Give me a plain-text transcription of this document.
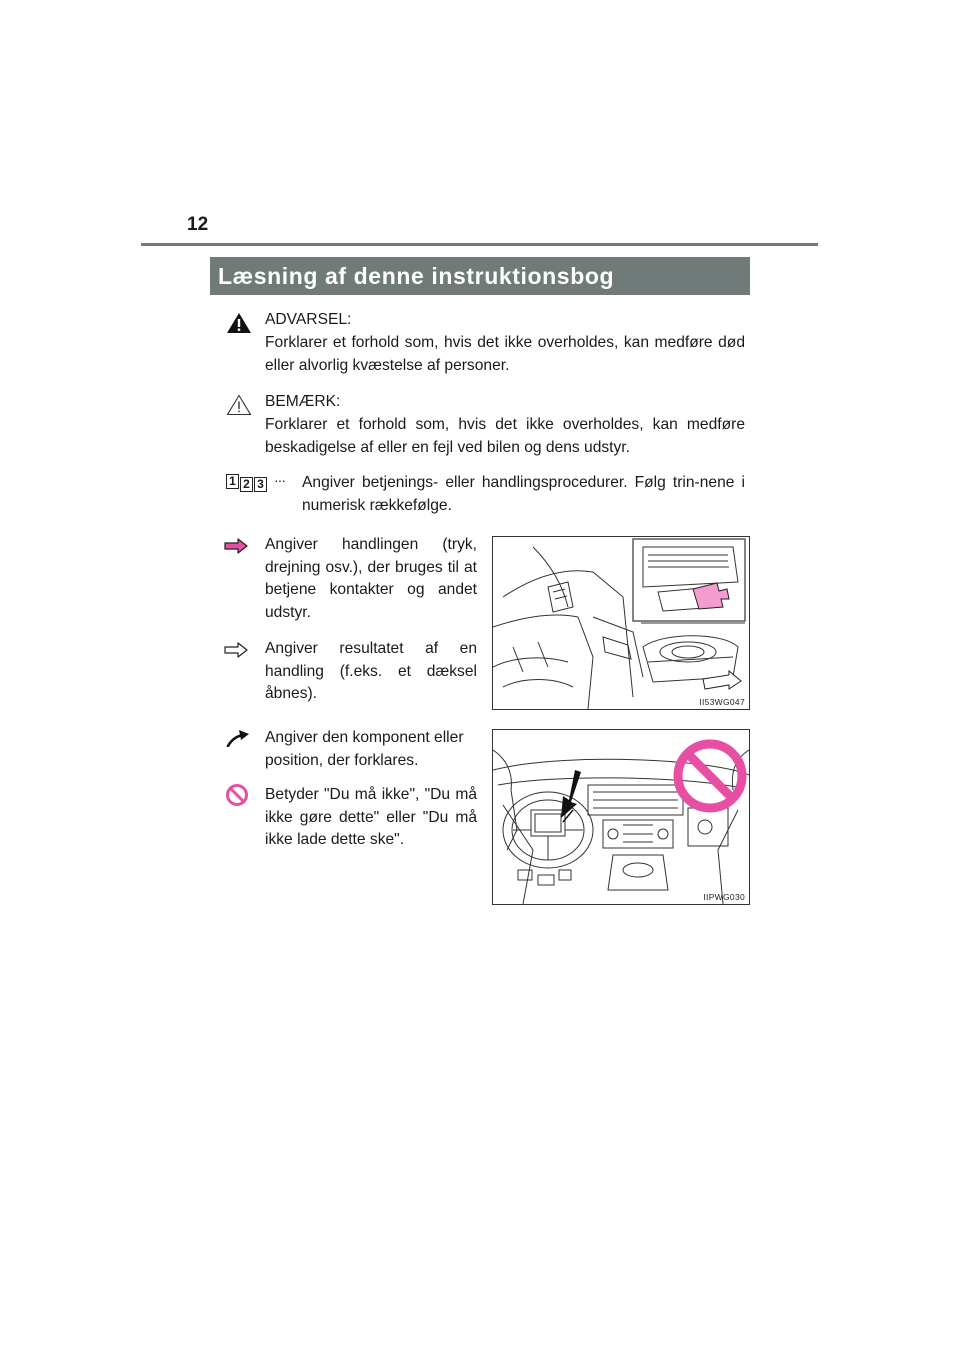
12
Læsning af denne instruktionsbog
ADVARSEL:
Forklarer et forhold som, hvis det ikke overholdes, kan medføre død eller alvorlig kvæstelse af personer.
BEMÆRK:
Forklarer et forhold som, hvis det ikke overholdes, kan medføre beskadigelse af eller en fejl ved bilen og dens udstyr.
1 2 3 ··· Angiver betjenings- eller handlingsprocedurer. Følg trin-nene i numerisk rækkefølge.
Angiver handlingen (tryk, drejning osv.), der bruges til at betjene kontakter og andet udstyr.
Angiver resultatet af en handling (f.eks. et dæksel åbnes).	II53WG047
Angiver den komponent eller position, der forklares.
Betyder "Du må ikke", "Du må ikke gøre dette" eller "Du må ikke lade dette ske".
IIPWG030
